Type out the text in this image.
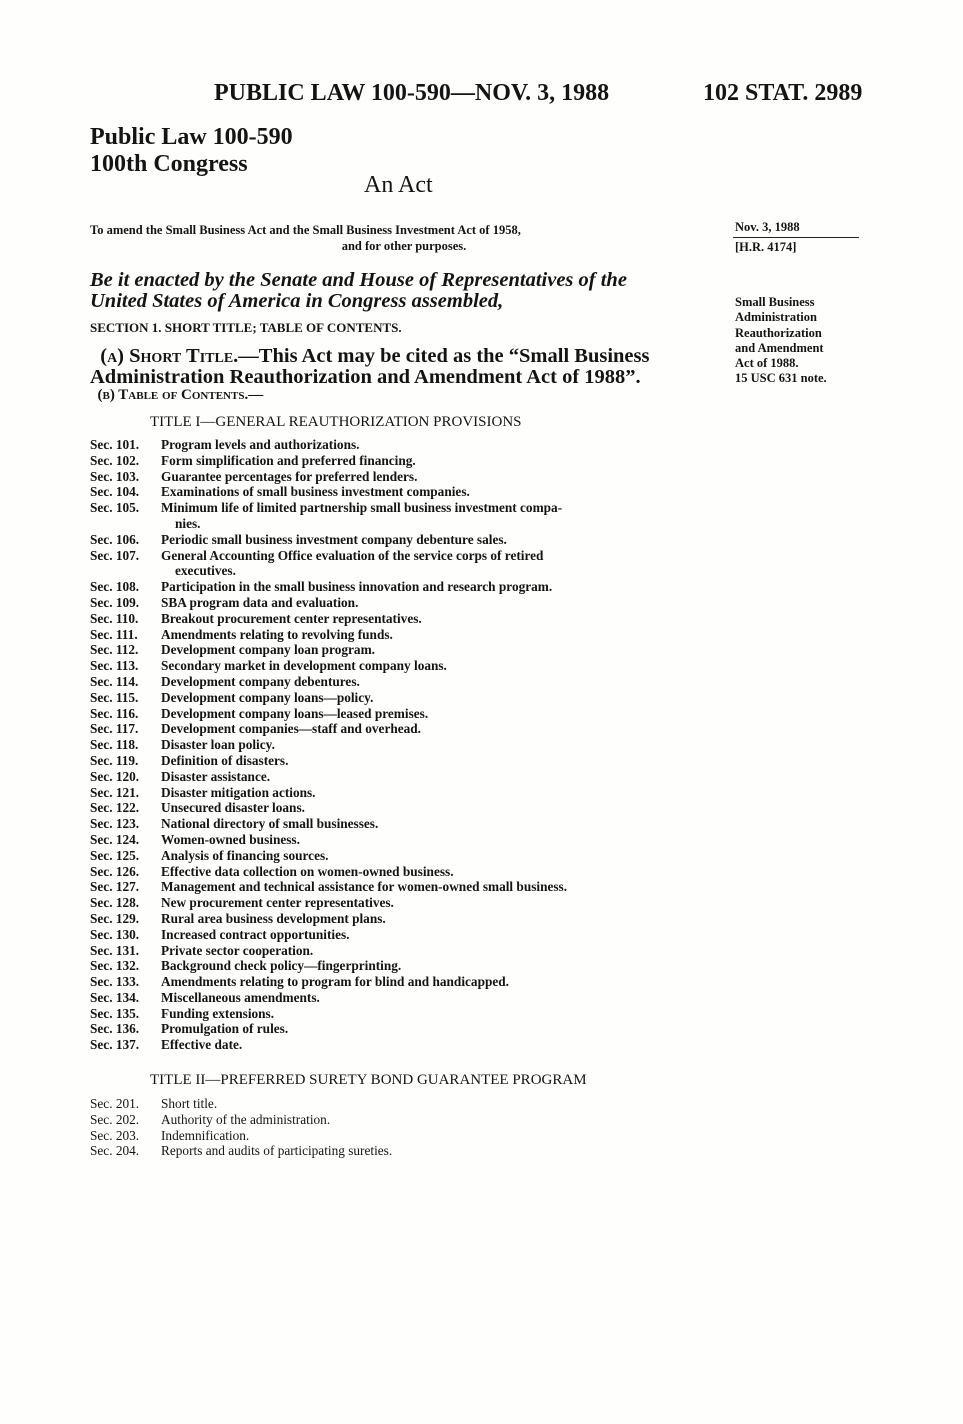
PUBLIC LAW 100-590—NOV. 3, 1988	102 STAT. 2989
Public Law 100-590
100th Congress
An Act
To amend the Small Business Act and the Small Business Investment Act of 1958,
and for other purposes.
Nov. 3, 1988
[H.R. 4174]
Small Business
Administration
Reauthorization
and Amendment
Act of 1988.
15 USC 631 note.
Be it enacted by the Senate and House of Representatives of the
United States of America in Congress assembled,
SECTION 1. SHORT TITLE; TABLE OF CONTENTS.
(a) Short Title.—This Act may be cited as the “Small Business
Administration Reauthorization and Amendment Act of 1988”.
(b) Table of Contents.—
TITLE I—GENERAL REAUTHORIZATION PROVISIONS
Sec. 101.	Program levels and authorizations.
Sec. 102.	Form simplification and preferred financing.
Sec. 103.	Guarantee percentages for preferred lenders.
Sec. 104.	Examinations of small business investment companies.
Sec. 105.	Minimum life of limited partnership small business investment compa-
nies.
Sec. 106.	Periodic small business investment company debenture sales.
Sec. 107.	General Accounting Office evaluation of the service corps of retired
executives.
Sec. 108.	Participation in the small business innovation and research program.
Sec. 109.	SBA program data and evaluation.
Sec. 110.	Breakout procurement center representatives.
Sec. 111.	Amendments relating to revolving funds.
Sec. 112.	Development company loan program.
Sec. 113.	Secondary market in development company loans.
Sec. 114.	Development company debentures.
Sec. 115.	Development company loans—policy.
Sec. 116.	Development company loans—leased premises.
Sec. 117.	Development companies—staff and overhead.
Sec. 118.	Disaster loan policy.
Sec. 119.	Definition of disasters.
Sec. 120.	Disaster assistance.
Sec. 121.	Disaster mitigation actions.
Sec. 122.	Unsecured disaster loans.
Sec. 123.	National directory of small businesses.
Sec. 124.	Women-owned business.
Sec. 125.	Analysis of financing sources.
Sec. 126.	Effective data collection on women-owned business.
Sec. 127.	Management and technical assistance for women-owned small business.
Sec. 128.	New procurement center representatives.
Sec. 129.	Rural area business development plans.
Sec. 130.	Increased contract opportunities.
Sec. 131.	Private sector cooperation.
Sec. 132.	Background check policy—fingerprinting.
Sec. 133.	Amendments relating to program for blind and handicapped.
Sec. 134.	Miscellaneous amendments.
Sec. 135.	Funding extensions.
Sec. 136.	Promulgation of rules.
Sec. 137.	Effective date.
TITLE II—PREFERRED SURETY BOND GUARANTEE PROGRAM
Sec. 201.	Short title.
Sec. 202.	Authority of the administration.
Sec. 203.	Indemnification.
Sec. 204.	Reports and audits of participating sureties.
